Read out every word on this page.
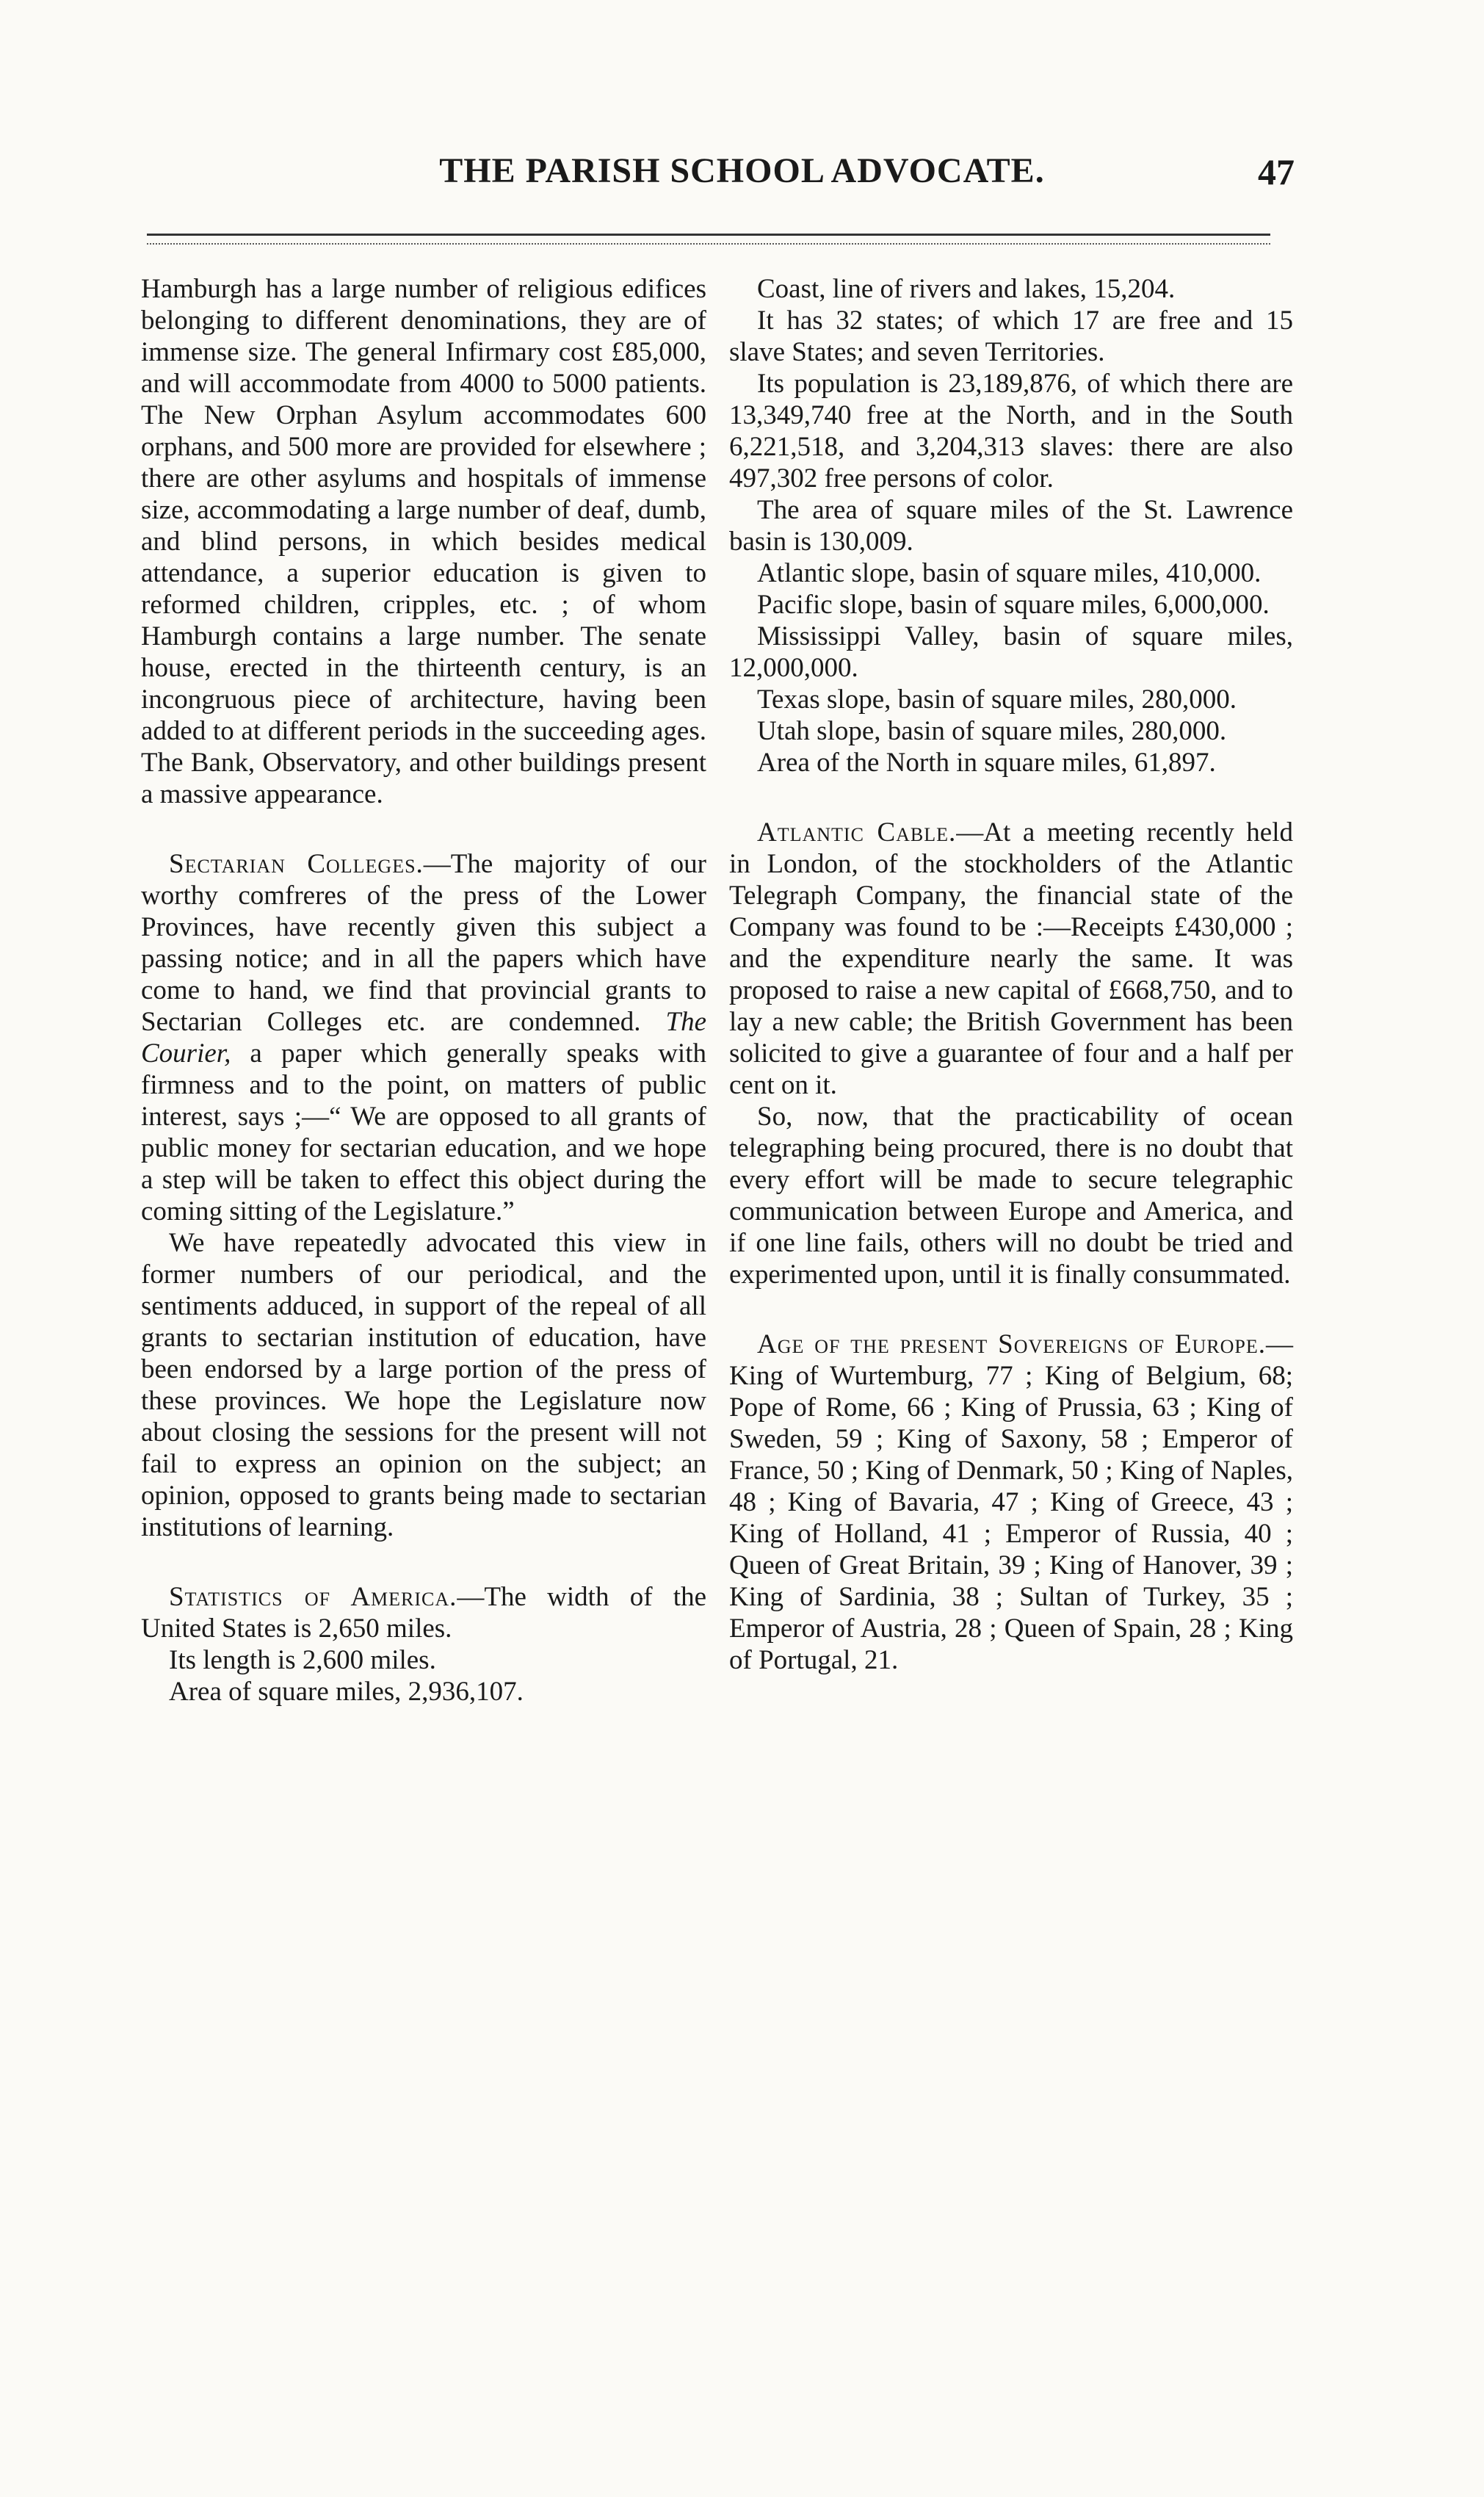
THE PARISH SCHOOL ADVOCATE.	47

Hamburgh has a large number of religious edifices belonging to different denominations, they are of immense size. The general Infirmary cost £85,000, and will accommodate from 4000 to 5000 patients. The New Orphan Asylum accommodates 600 orphans, and 500 more are provided for elsewhere ; there are other asylums and hospitals of immense size, accommodating a large number of deaf, dumb, and blind persons, in which besides medical attendance, a superior education is given to reformed children, cripples, etc. ; of whom Hamburgh contains a large number. The senate house, erected in the thirteenth century, is an incongruous piece of architecture, having been added to at different periods in the succeeding ages. The Bank, Observatory, and other buildings present a massive appearance.

Sectarian Colleges.—The majority of our worthy comfreres of the press of the Lower Provinces, have recently given this subject a passing notice; and in all the papers which have come to hand, we find that provincial grants to Sectarian Colleges etc. are condemned. The Courier, a paper which generally speaks with firmness and to the point, on matters of public interest, says ;—“ We are opposed to all grants of public money for sectarian education, and we hope a step will be taken to effect this object during the coming sitting of the Legislature.”

We have repeatedly advocated this view in former numbers of our periodical, and the sentiments adduced, in support of the repeal of all grants to sectarian institution of education, have been endorsed by a large portion of the press of these provinces. We hope the Legislature now about closing the sessions for the present will not fail to express an opinion on the subject; an opinion, opposed to grants being made to sectarian institutions of learning.

Statistics of America.—The width of the United States is 2,650 miles.

Its length is 2,600 miles.

Area of square miles, 2,936,107.

Coast, line of rivers and lakes, 15,204.

It has 32 states; of which 17 are free and 15 slave States; and seven Territories.

Its population is 23,189,876, of which there are 13,349,740 free at the North, and in the South 6,221,518, and 3,204,313 slaves: there are also 497,302 free persons of color.

The area of square miles of the St. Lawrence basin is 130,009.

Atlantic slope, basin of square miles, 410,000.

Pacific slope, basin of square miles, 6,000,000.

Mississippi Valley, basin of square miles, 12,000,000.

Texas slope, basin of square miles, 280,000.

Utah slope, basin of square miles, 280,000.

Area of the North in square miles, 61,897.

Atlantic Cable.—At a meeting recently held in London, of the stockholders of the Atlantic Telegraph Company, the financial state of the Company was found to be :—Receipts £430,000 ; and the expenditure nearly the same. It was proposed to raise a new capital of £668,750, and to lay a new cable; the British Government has been solicited to give a guarantee of four and a half per cent on it.

So, now, that the practicability of ocean telegraphing being procured, there is no doubt that every effort will be made to secure telegraphic communication between Europe and America, and if one line fails, others will no doubt be tried and experimented upon, until it is finally consummated.

Age of the present Sovereigns of Europe.—King of Wurtemburg, 77 ; King of Belgium, 68; Pope of Rome, 66 ; King of Prussia, 63 ; King of Sweden, 59 ; King of Saxony, 58 ; Emperor of France, 50 ; King of Denmark, 50 ; King of Naples, 48 ; King of Bavaria, 47 ; King of Greece, 43 ; King of Holland, 41 ; Emperor of Russia, 40 ; Queen of Great Britain, 39 ; King of Hanover, 39 ; King of Sardinia, 38 ; Sultan of Turkey, 35 ; Emperor of Austria, 28 ; Queen of Spain, 28 ; King of Portugal, 21.
